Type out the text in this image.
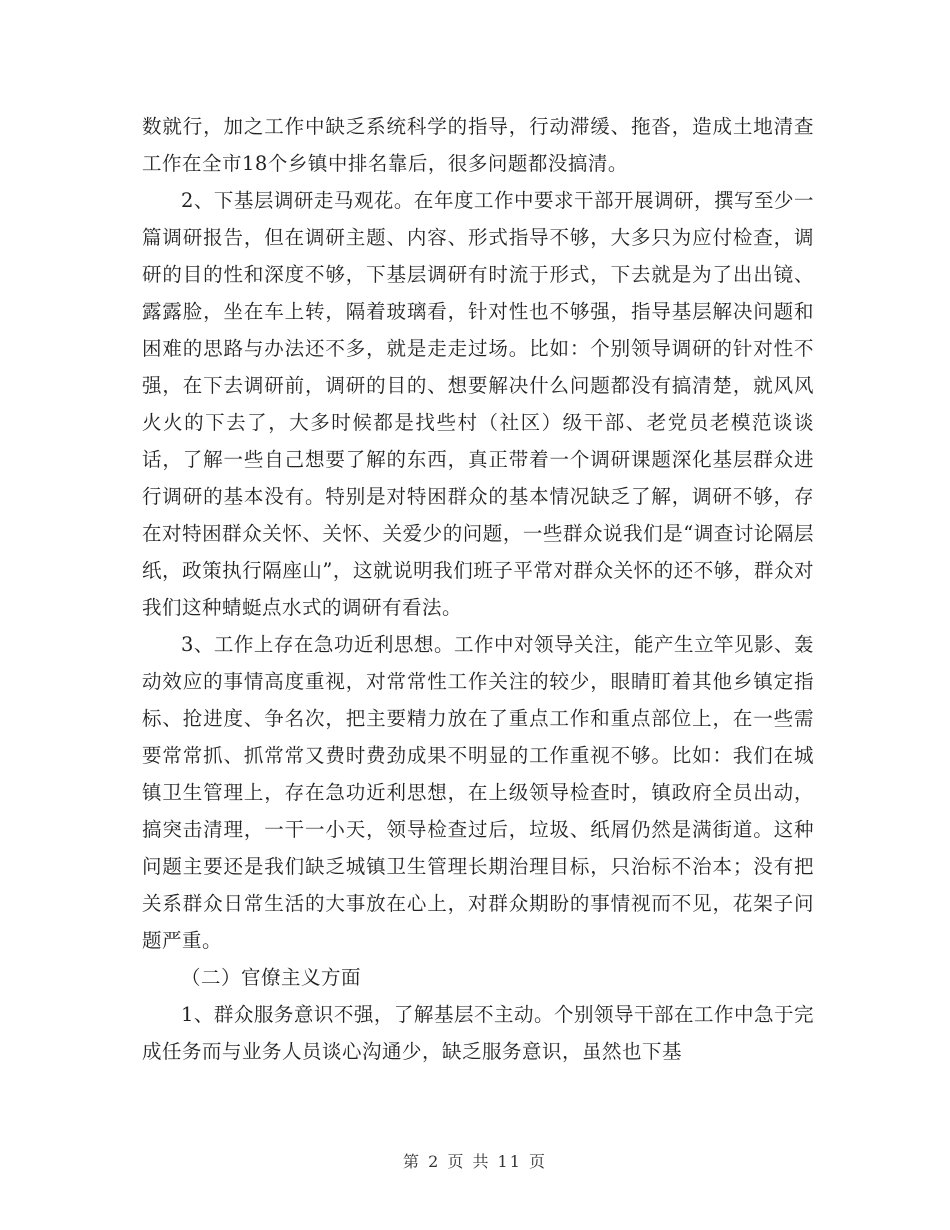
数就行，加之工作中缺乏系统科学的指导，行动滞缓、拖沓，造成土地清查工作在全市18个乡镇中排名靠后，很多问题都没搞清。

2、下基层调研走马观花。在年度工作中要求干部开展调研，撰写至少一篇调研报告，但在调研主题、内容、形式指导不够，大多只为应付检查，调研的目的性和深度不够，下基层调研有时流于形式，下去就是为了出出镜、露露脸，坐在车上转，隔着玻璃看，针对性也不够强，指导基层解决问题和困难的思路与办法还不多，就是走走过场。比如：个别领导调研的针对性不强，在下去调研前，调研的目的、想要解决什么问题都没有搞清楚，就风风火火的下去了，大多时候都是找些村（社区）级干部、老党员老模范谈谈话，了解一些自己想要了解的东西，真正带着一个调研课题深化基层群众进行调研的基本没有。特别是对特困群众的基本情况缺乏了解，调研不够，存在对特困群众关怀、关怀、关爱少的问题，一些群众说我们是“调查讨论隔层纸，政策执行隔座山”，这就说明我们班子平常对群众关怀的还不够，群众对我们这种蜻蜓点水式的调研有看法。

3、工作上存在急功近利思想。工作中对领导关注，能产生立竿见影、轰动效应的事情高度重视，对常常性工作关注的较少，眼睛盯着其他乡镇定指标、抢进度、争名次，把主要精力放在了重点工作和重点部位上，在一些需要常常抓、抓常常又费时费劲成果不明显的工作重视不够。比如：我们在城镇卫生管理上，存在急功近利思想，在上级领导检查时，镇政府全员出动，搞突击清理，一干一小天，领导检查过后，垃圾、纸屑仍然是满街道。这种问题主要还是我们缺乏城镇卫生管理长期治理目标，只治标不治本；没有把关系群众日常生活的大事放在心上，对群众期盼的事情视而不见，花架子问题严重。

（二）官僚主义方面

1、群众服务意识不强，了解基层不主动。个别领导干部在工作中急于完成任务而与业务人员谈心沟通少，缺乏服务意识，虽然也下基

第 2 页 共 11 页
